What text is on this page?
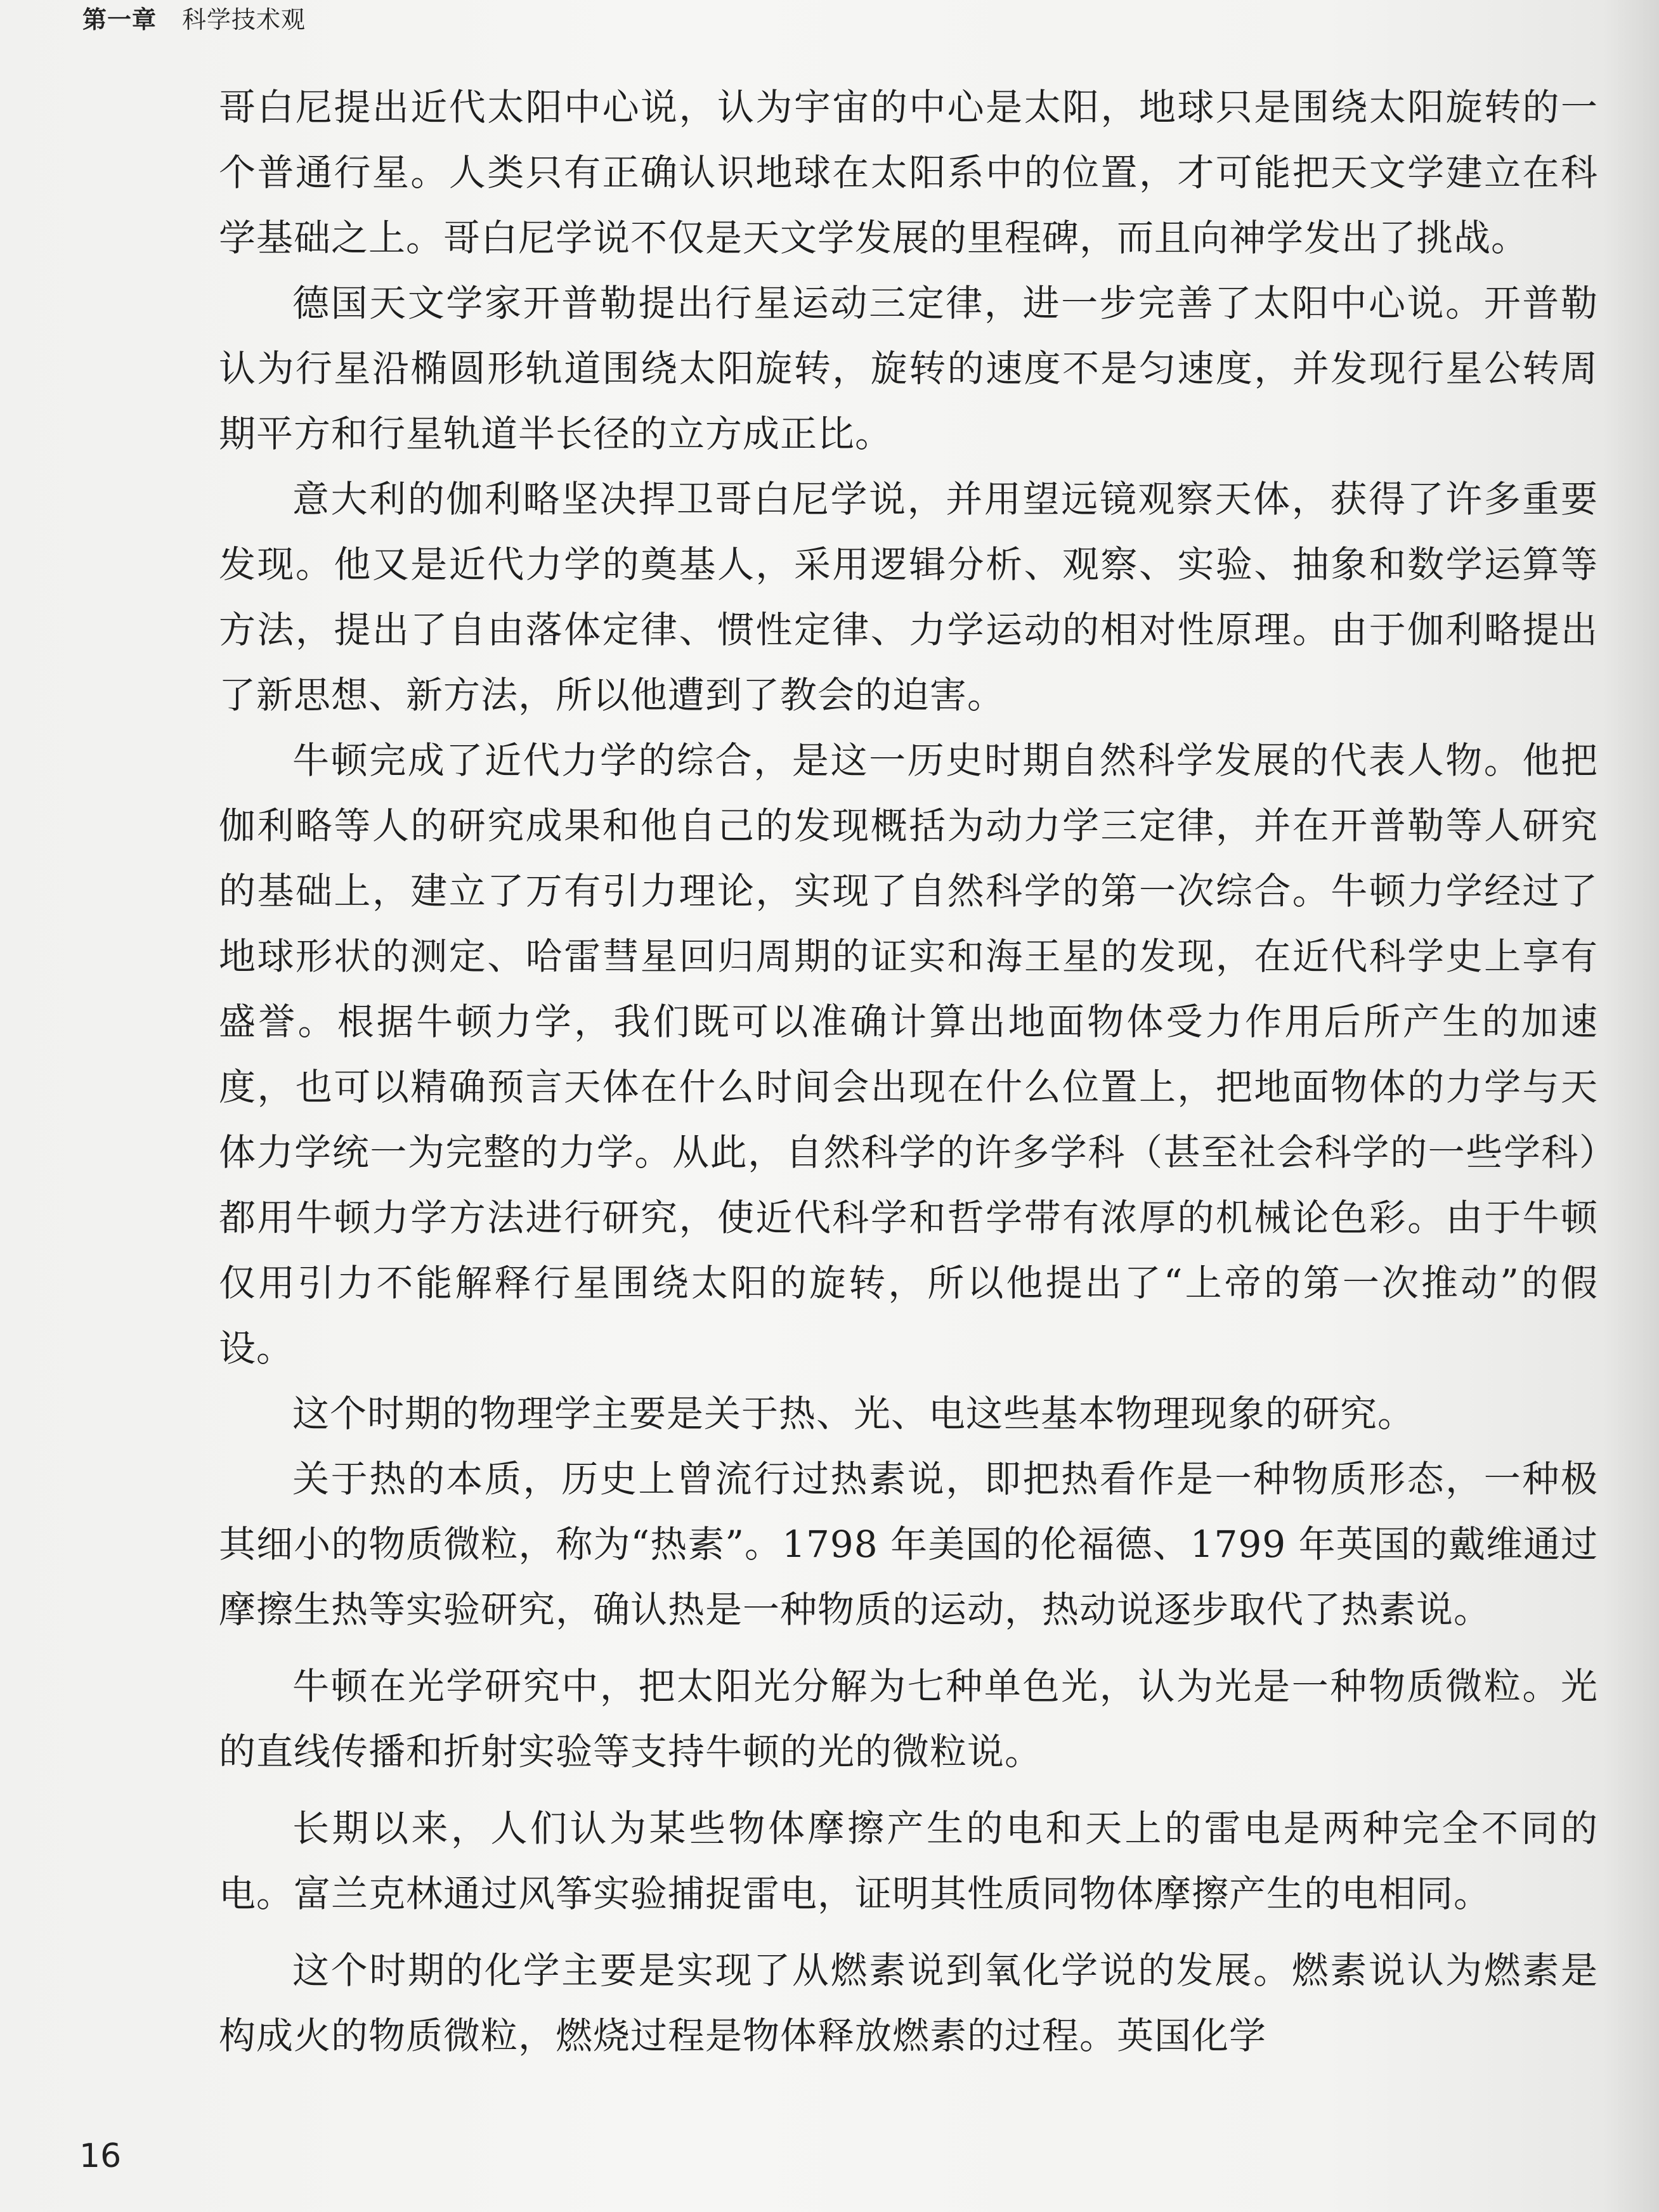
第一章 科学技术观

哥白尼提出近代太阳中心说，认为宇宙的中心是太阳，地球只是围绕太阳旋转的一个普通行星。人类只有正确认识地球在太阳系中的位置，才可能把天文学建立在科学基础之上。哥白尼学说不仅是天文学发展的里程碑，而且向神学发出了挑战。

德国天文学家开普勒提出行星运动三定律，进一步完善了太阳中心说。开普勒认为行星沿椭圆形轨道围绕太阳旋转，旋转的速度不是匀速度，并发现行星公转周期平方和行星轨道半长径的立方成正比。

意大利的伽利略坚决捍卫哥白尼学说，并用望远镜观察天体，获得了许多重要发现。他又是近代力学的奠基人，采用逻辑分析、观察、实验、抽象和数学运算等方法，提出了自由落体定律、惯性定律、力学运动的相对性原理。由于伽利略提出了新思想、新方法，所以他遭到了教会的迫害。

牛顿完成了近代力学的综合，是这一历史时期自然科学发展的代表人物。他把伽利略等人的研究成果和他自己的发现概括为动力学三定律，并在开普勒等人研究的基础上，建立了万有引力理论，实现了自然科学的第一次综合。牛顿力学经过了地球形状的测定、哈雷彗星回归周期的证实和海王星的发现，在近代科学史上享有盛誉。根据牛顿力学，我们既可以准确计算出地面物体受力作用后所产生的加速度，也可以精确预言天体在什么时间会出现在什么位置上，把地面物体的力学与天体力学统一为完整的力学。从此，自然科学的许多学科（甚至社会科学的一些学科）都用牛顿力学方法进行研究，使近代科学和哲学带有浓厚的机械论色彩。由于牛顿仅用引力不能解释行星围绕太阳的旋转，所以他提出了“上帝的第一次推动”的假设。

这个时期的物理学主要是关于热、光、电这些基本物理现象的研究。

关于热的本质，历史上曾流行过热素说，即把热看作是一种物质形态，一种极其细小的物质微粒，称为“热素”。1798 年美国的伦福德、1799 年英国的戴维通过摩擦生热等实验研究，确认热是一种物质的运动，热动说逐步取代了热素说。

牛顿在光学研究中，把太阳光分解为七种单色光，认为光是一种物质微粒。光的直线传播和折射实验等支持牛顿的光的微粒说。

长期以来，人们认为某些物体摩擦产生的电和天上的雷电是两种完全不同的电。富兰克林通过风筝实验捕捉雷电，证明其性质同物体摩擦产生的电相同。

这个时期的化学主要是实现了从燃素说到氧化学说的发展。燃素说认为燃素是构成火的物质微粒，燃烧过程是物体释放燃素的过程。英国化学

16
